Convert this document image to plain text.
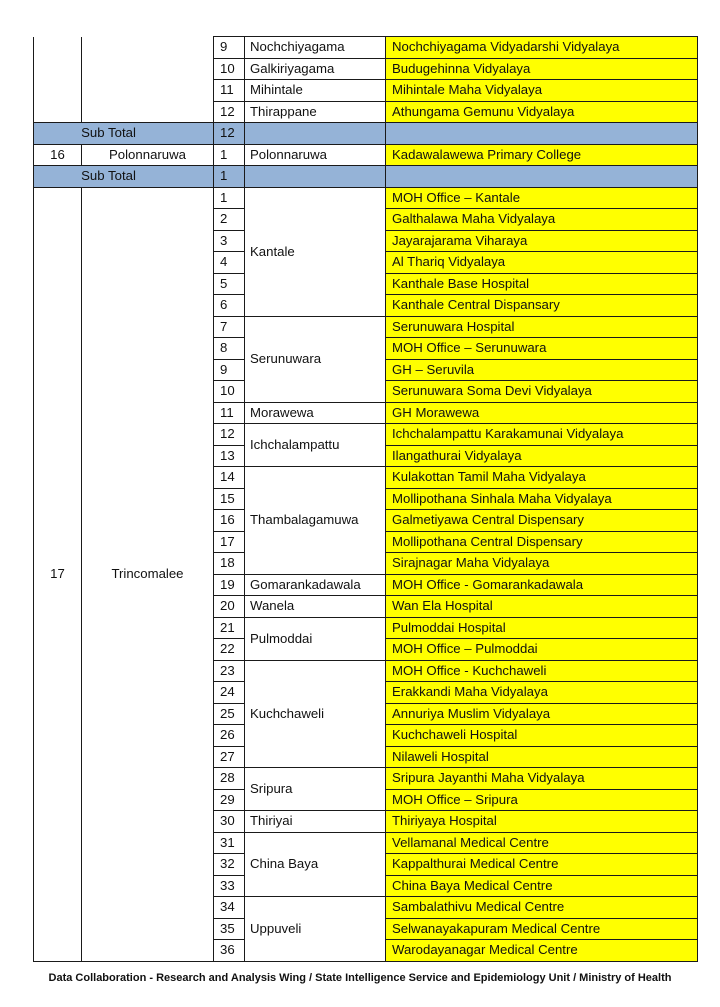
		9	Nochchiyagama	Nochchiyagama Vidyadarshi Vidyalaya
		10	Galkiriyagama	Budugehinna Vidyalaya
		11	Mihintale	Mihintale Maha Vidyalaya
		12	Thirappane	Athungama Gemunu Vidyalaya
Sub Total		12		
16	Polonnaruwa	1	Polonnaruwa	Kadawalawewa Primary College
Sub Total		1		
17	Trincomalee	1	Kantale	MOH Office – Kantale
		2		Galthalawa Maha Vidyalaya
		3		Jayarajarama Viharaya
		4		Al Thariq Vidyalaya
		5		Kanthale Base Hospital
		6		Kanthale Central Dispansary
		7	Serunuwara	Serunuwara Hospital
		8		MOH Office – Serunuwara
		9		GH – Seruvila
		10		Serunuwara Soma Devi Vidyalaya
		11	Morawewa	GH Morawewa
		12	Ichchalampattu	Ichchalampattu Karakamunai Vidyalaya
		13		Ilangathurai Vidyalaya
		14	Thambalagamuwa	Kulakottan Tamil Maha Vidyalaya
		15		Mollipothana Sinhala Maha Vidyalaya
		16		Galmetiyawa Central Dispensary
		17		Mollipothana Central Dispensary
		18		Sirajnagar Maha Vidyalaya
		19	Gomarankadawala	MOH Office - Gomarankadawala
		20	Wanela	Wan Ela Hospital
		21	Pulmoddai	Pulmoddai Hospital
		22		MOH Office – Pulmoddai
		23	Kuchchaweli	MOH Office - Kuchchaweli
		24		Erakkandi Maha Vidyalaya
		25		Annuriya Muslim Vidyalaya
		26		Kuchchaweli Hospital
		27		Nilaweli Hospital
		28	Sripura	Sripura Jayanthi Maha Vidyalaya
		29		MOH Office – Sripura
		30	Thiriyai	Thiriyaya Hospital
		31	China Baya	Vellamanal Medical Centre
		32		Kappalthurai Medical Centre
		33		China Baya Medical Centre
		34	Uppuveli	Sambalathivu Medical Centre
		35		Selwanayakapuram Medical Centre
		36		Warodayanagar Medical Centre
Data Collaboration - Research and Analysis Wing / State Intelligence Service and Epidemiology Unit / Ministry of Health
